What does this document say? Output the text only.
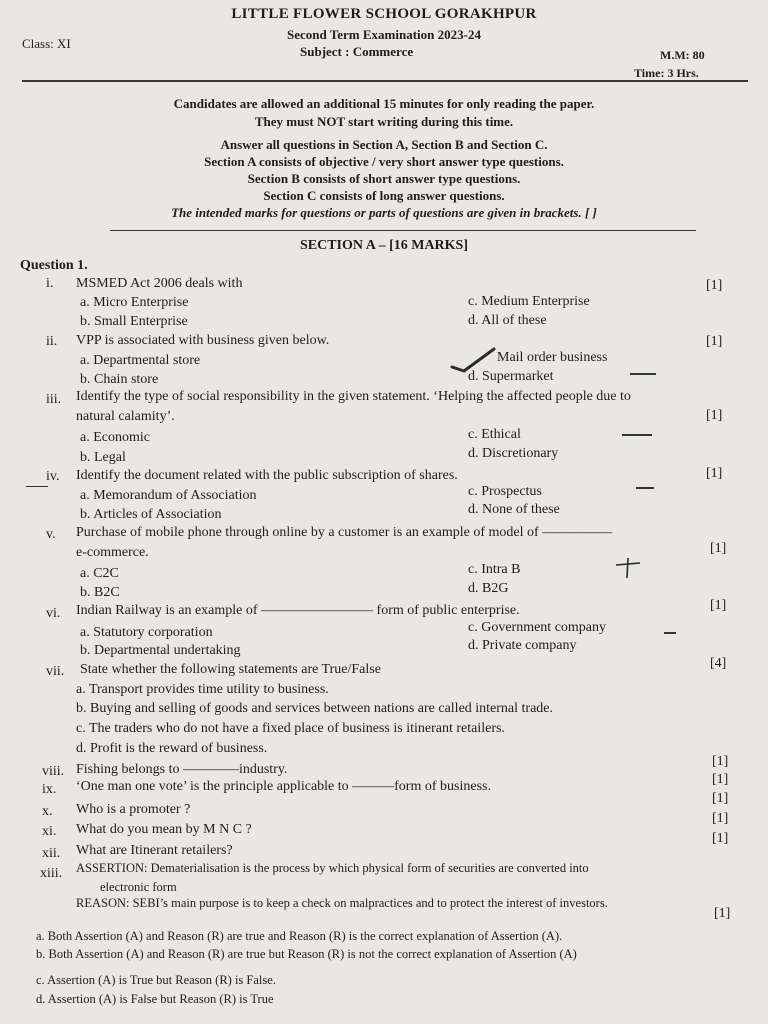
LITTLE FLOWER SCHOOL GORAKHPUR
Second Term Examination 2023-24
Subject : Commerce
Class: XI
M.M: 80
Time: 3 Hrs.
Candidates are allowed an additional 15 minutes for only reading the paper.
They must NOT start writing during this time.
Answer all questions in Section A, Section B and Section C.
Section A consists of objective / very short answer type questions.
Section B consists of short answer type questions.
Section C consists of long answer questions.
The intended marks for questions or parts of questions are given in brackets. [ ]
SECTION A – [16 MARKS]
Question 1.
i. MSMED Act 2006 deals with	[1]
a. Micro Enterprise
b. Small Enterprise
c. Medium Enterprise
d. All of these
ii. VPP is associated with business given below.	[1]
a. Departmental store
b. Chain store
Mail order business
d. Supermarket
iii. Identify the type of social responsibility in the given statement. ‘Helping the affected people due to
natural calamity’.	[1]
a. Economic
b. Legal
c. Ethical
d. Discretionary
iv. Identify the document related with the public subscription of shares.	[1]
a. Memorandum of Association
b. Articles of Association
c. Prospectus
d. None of these
v. Purchase of mobile phone through online by a customer is an example of model of —————
e-commerce.	[1]
a. C2C
b. B2C
c. Intra B
d. B2G
vi. Indian Railway is an example of ———————— form of public enterprise.	[1]
a. Statutory corporation
b. Departmental undertaking
c. Government company
d. Private company
vii. State whether the following statements are True/False	[4]
a. Transport provides time utility to business.
b. Buying and selling of goods and services between nations are called internal trade.
c. The traders who do not have a fixed place of business is itinerant retailers.
d. Profit is the reward of business.
viii. Fishing belongs to ————industry.
[1]
ix. ‘One man one vote’ is the principle applicable to ———form of business.	[1]
x. Who is a promoter ?
[1]
xi. What do you mean by M N C ?
[1]
xii. What are Itinerant retailers?
[1]
xiii. ASSERTION: Dematerialisation is the process by which physical form of securities are converted into
electronic form
REASON: SEBI’s main purpose is to keep a check on malpractices and to protect the interest of investors.
[1]
a. Both Assertion (A) and Reason (R) are true and Reason (R) is the correct explanation of Assertion (A).
b. Both Assertion (A) and Reason (R) are true but Reason (R) is not the correct explanation of Assertion (A)
c. Assertion (A) is True but Reason (R) is False.
d. Assertion (A) is False but Reason (R) is True
